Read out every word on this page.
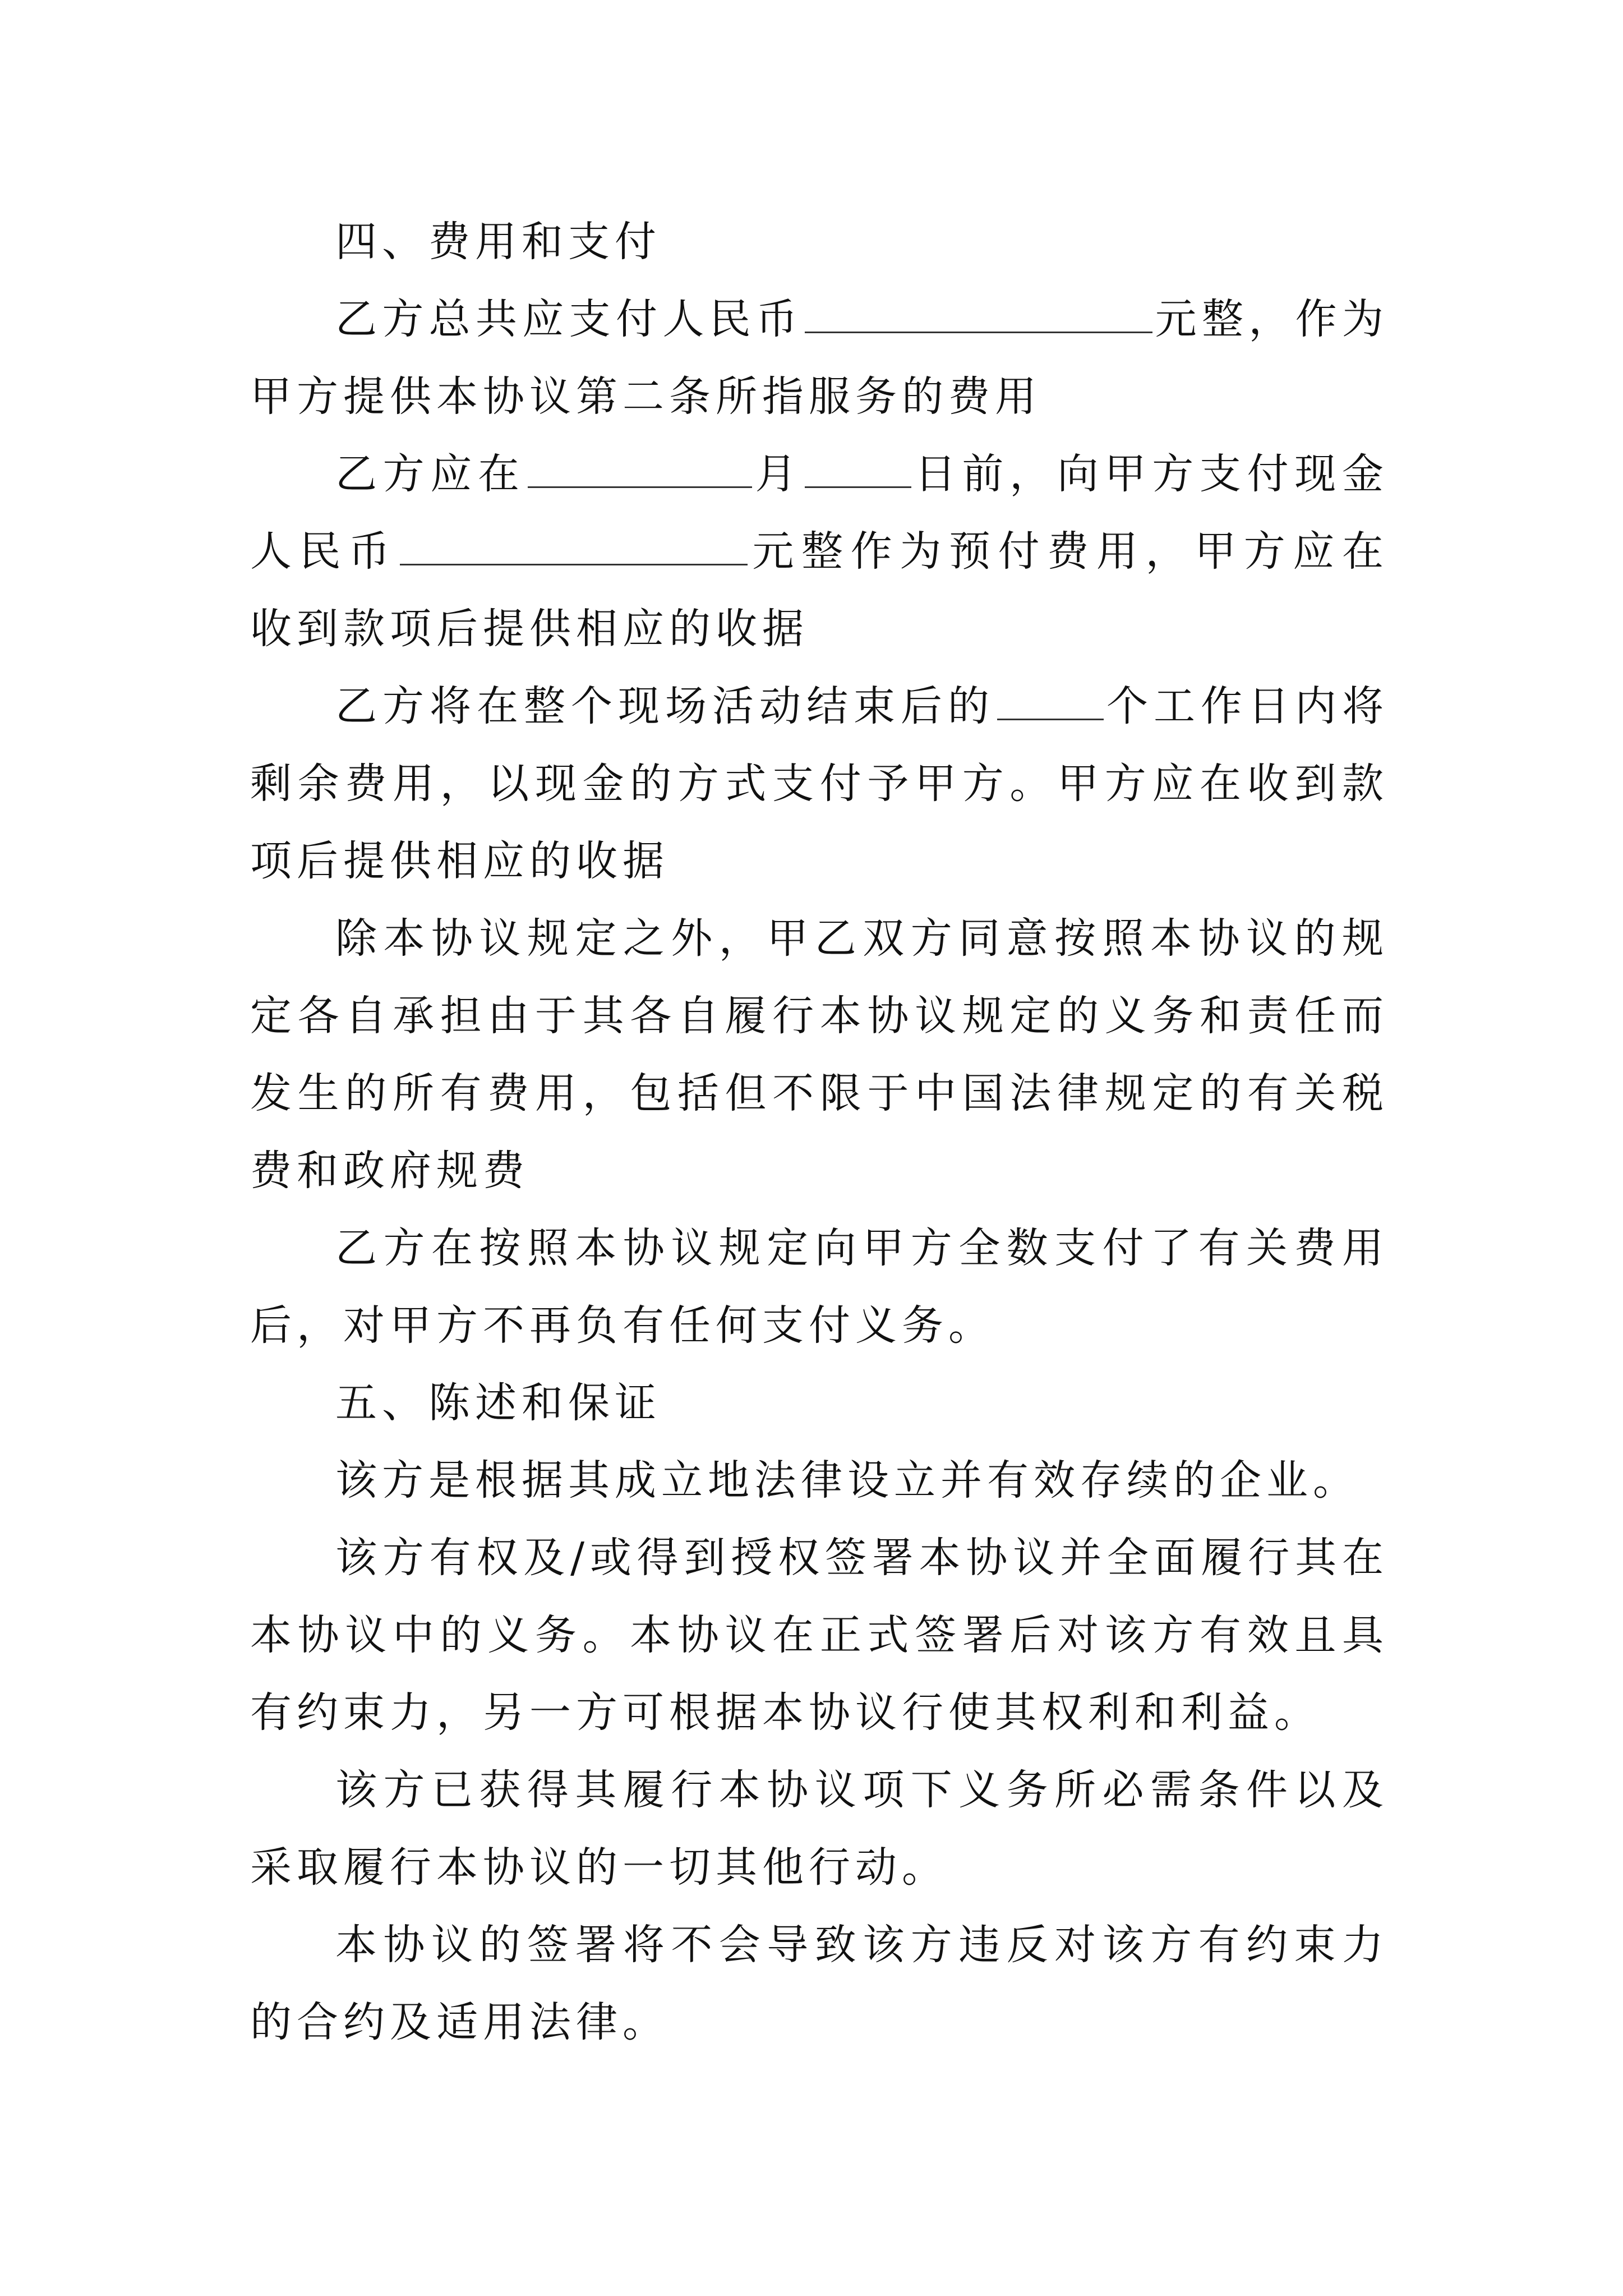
四、费用和支付

乙方总共应支付人民币	元整，作为甲方提供本协议第二条所指服务的费用

乙方应在	月	日前，向甲方支付现金人民币	元整作为预付费用，甲方应在收到款项后提供相应的收据

乙方将在整个现场活动结束后的	个工作日内将剩余费用，以现金的方式支付予甲方。甲方应在收到款项后提供相应的收据

除本协议规定之外，甲乙双方同意按照本协议的规定各自承担由于其各自履行本协议规定的义务和责任而发生的所有费用，包括但不限于中国法律规定的有关税费和政府规费

乙方在按照本协议规定向甲方全数支付了有关费用后，对甲方不再负有任何支付义务。

五、陈述和保证

该方是根据其成立地法律设立并有效存续的企业。

该方有权及/或得到授权签署本协议并全面履行其在本协议中的义务。本协议在正式签署后对该方有效且具有约束力，另一方可根据本协议行使其权利和利益。

该方已获得其履行本协议项下义务所必需条件以及采取履行本协议的一切其他行动。

本协议的签署将不会导致该方违反对该方有约束力的合约及适用法律。
